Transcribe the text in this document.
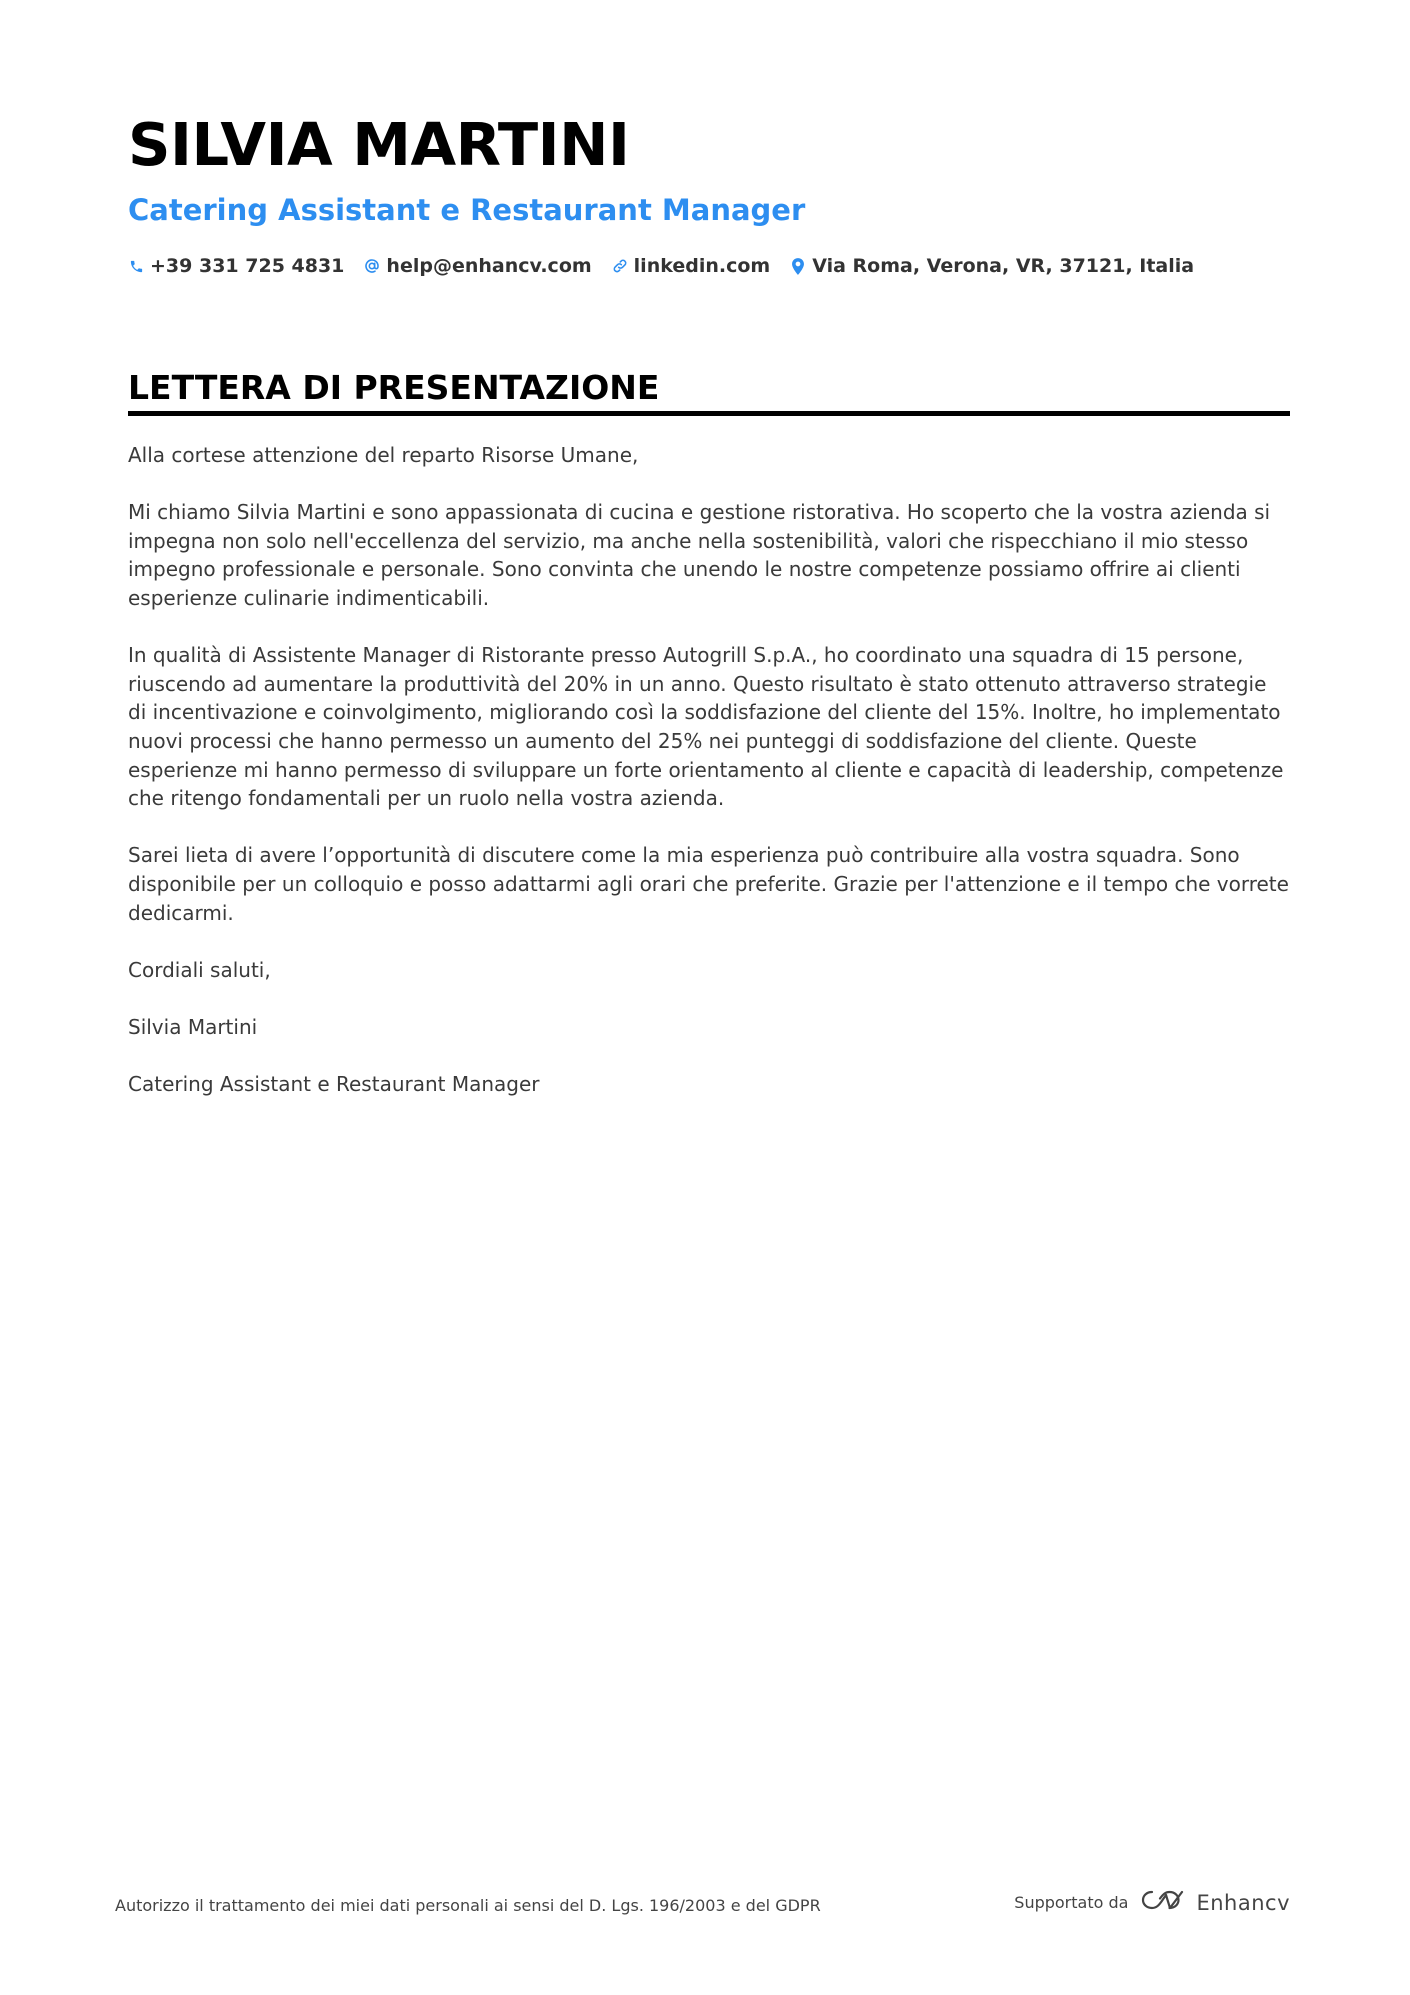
SILVIA MARTINI
Catering Assistant e Restaurant Manager
+39 331 725 4831 help@enhancv.com linkedin.com Via Roma, Verona, VR, 37121, Italia
LETTERA DI PRESENTAZIONE

Alla cortese attenzione del reparto Risorse Umane,

Mi chiamo Silvia Martini e sono appassionata di cucina e gestione ristorativa. Ho scoperto che la vostra azienda si impegna non solo nell'eccellenza del servizio, ma anche nella sostenibilità, valori che rispecchiano il mio stesso impegno professionale e personale. Sono convinta che unendo le nostre competenze possiamo offrire ai clienti esperienze culinarie indimenticabili.

In qualità di Assistente Manager di Ristorante presso Autogrill S.p.A., ho coordinato una squadra di 15 persone, riuscendo ad aumentare la produttività del 20% in un anno. Questo risultato è stato ottenuto attraverso strategie di incentivazione e coinvolgimento, migliorando così la soddisfazione del cliente del 15%. Inoltre, ho implementato nuovi processi che hanno permesso un aumento del 25% nei punteggi di soddisfazione del cliente. Queste esperienze mi hanno permesso di sviluppare un forte orientamento al cliente e capacità di leadership, competenze che ritengo fondamentali per un ruolo nella vostra azienda.

Sarei lieta di avere l’opportunità di discutere come la mia esperienza può contribuire alla vostra squadra. Sono disponibile per un colloquio e posso adattarmi agli orari che preferite. Grazie per l'attenzione e il tempo che vorrete dedicarmi.

Cordiali saluti,

Silvia Martini

Catering Assistant e Restaurant Manager

Autorizzo il trattamento dei miei dati personali ai sensi del D. Lgs. 196/2003 e del GDPR	Supportato da	Enhancv
